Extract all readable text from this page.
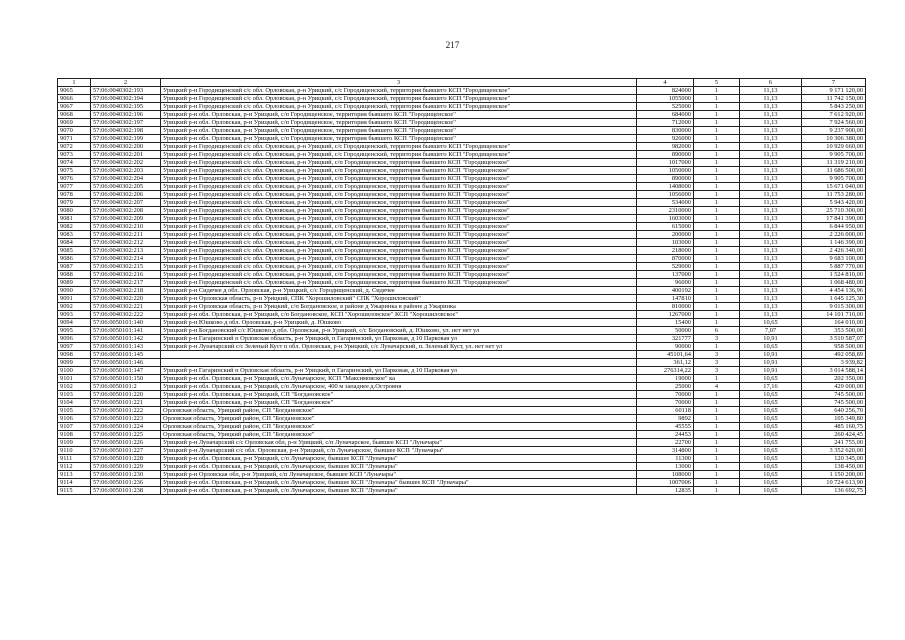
217
1	2	3	4	5	6	7
9065	57:06:0040302:193	Урицкий р-н Городищенский с/с обл. Орловская, р-н Урицкий, с/с Городищенский, территория бывшего КСП "Городищенское"	824000	1	11,13	9 171 120,00
9066	57:06:0040302:194	Урицкий р-н Городищенский с/с обл. Орловская, р-н Урицкий, с/с Городищенский, территория бывшего КСП "Городищенское"	1055000	1	11,13	11 742 150,00
9067	57:06:0040302:195	Урицкий р-н Городищенский с/с обл. Орловская, р-н Урицкий, с/с Городищенский, территория бывшего КСП "Городищенское"	525000	1	11,13	5 843 250,00
9068	57:06:0040302:196	Урицкий р-н обл. Орловская, р-н Урицкий, с/п Городищенское, территория бывшего КСП "Городищенское"	684000	1	11,13	7 612 920,00
9069	57:06:0040302:197	Урицкий р-н обл. Орловская, р-н Урицкий, с/п Городищенское, территория бывшего КСП "Городищенское"	712000	1	11,13	7 924 560,00
9070	57:06:0040302:198	Урицкий р-н обл. Орловская, р-н Урицкий, с/п Городищенское, территория бывшего КСП "Городищенское"	830000	1	11,13	9 237 900,00
9071	57:06:0040302:199	Урицкий р-н обл. Орловская, р-н Урицкий, с/п Городищенское, территория бывшего КСП "Городищенское"	926000	1	11,13	10 306 380,00
9072	57:06:0040302:200	Урицкий р-н Городищенский с/с обл. Орловская, р-н Урицкий, с/с Городищенский, территория бывшего КСП "Городищенское"	982000	1	11,13	10 929 660,00
9073	57:06:0040302:201	Урицкий р-н Городищенский с/с обл. Орловская, р-н Урицкий, с/с Городищенский, территория бывшего КСП "Городищенское"	890000	1	11,13	9 905 700,00
9074	57:06:0040302:202	Урицкий р-н Городищенский с/с обл. Орловская, р-н Урицкий, с/п Городищенское, территория бывшего КСП "Городищенское"	1017000	1	11,13	11 319 210,00
9075	57:06:0040302:203	Урицкий р-н Городищенский с/с обл. Орловская, р-н Урицкий, с/п Городищенское, территория бывшего КСП "Городищенское"	1050000	1	11,13	11 686 500,00
9076	57:06:0040302:204	Урицкий р-н Городищенский с/с обл. Орловская, р-н Урицкий, с/п Городищенское, территория бывшего КСП "Городищенское"	890000	1	11,13	9 905 700,00
9077	57:06:0040302:205	Урицкий р-н Городищенский с/с обл. Орловская, р-н Урицкий, с/п Городищенское, территория бывшего КСП "Городищенское"	1408000	1	11,13	15 671 040,00
9078	57:06:0040302:206	Урицкий р-н Городищенский с/с обл. Орловская, р-н Урицкий, с/п Городищенское, территория бывшего КСП "Городищенское"	1056000	1	11,13	11 753 280,00
9079	57:06:0040302:207	Урицкий р-н Городищенский с/с обл. Орловская, р-н Урицкий, с/п Городищенское, территория бывшего КСП "Городищенское"	534000	1	11,13	5 943 420,00
9080	57:06:0040302:208	Урицкий р-н Городищенский с/с обл. Орловская, р-н Урицкий, с/п Городищенское, территория бывшего КСП "Городищенское"	2310000	1	11,13	25 710 300,00
9081	57:06:0040302:209	Урицкий р-н Городищенский с/с обл. Орловская, р-н Урицкий, с/п Городищенское, территория бывшего КСП "Городищенское"	1603000	1	11,13	17 841 390,00
9082	57:06:0040302:210	Урицкий р-н Городищенский с/с обл. Орловская, р-н Урицкий, с/п Городищенское, территория бывшего КСП "Городищенское"	615000	1	11,13	6 844 950,00
9083	57:06:0040302:211	Урицкий р-н Городищенский с/с обл. Орловская, р-н Урицкий, с/п Городищенское, территория бывшего КСП "Городищенское"	200000	1	11,13	2 226 000,00
9084	57:06:0040302:212	Урицкий р-н Городищенский с/с обл. Орловская, р-н Урицкий, с/п Городищенское, территория бывшего КСП "Городищенское"	103000	1	11,13	1 146 390,00
9085	57:06:0040302:213	Урицкий р-н Городищенский с/с обл. Орловская, р-н Урицкий, с/п Городищенское, территория бывшего КСП "Городищенское"	218000	1	11,13	2 426 340,00
9086	57:06:0040302:214	Урицкий р-н Городищенский с/с обл. Орловская, р-н Урицкий, с/п Городищенское, территория бывшего КСП "Городищенское"	870000	1	11,13	9 683 100,00
9087	57:06:0040302:215	Урицкий р-н Городищенский с/с обл. Орловская, р-н Урицкий, с/п Городищенское, территория бывшего КСП "Городищенское"	529000	1	11,13	5 887 770,00
9088	57:06:0040302:216	Урицкий р-н Городищенский с/с обл. Орловская, р-н Урицкий, с/п Городищенское, территория бывшего КСП "Городищенское"	137000	1	11,13	1 524 810,00
9089	57:06:0040302:217	Урицкий р-н Городищенский с/с обл. Орловская, р-н Урицкий, с/п Городищенское, территория бывшего КСП "Городищенское"	96000	1	11,13	1 068 480,00
9090	57:06:0040302:218	Урицкий р-н Сидячее д обл. Орловская, р-н Урицкий, с/с Городищенский, д. Сидячее	400192	1	11,13	4 454 136,96
9091	57:06:0040302:220	Урицкий р-н Орловская область, р-н Урицкий, СПК "Хорошиловский" СПК "Хорошиловский"	147810	1	11,13	1 645 125,30
9092	57:06:0040302:221	Урицкий р-н Орловская область, р-н Урицкий, с/п Богдановское, в районе д Ужаринка в районе д Ужаринка	810000	1	11,13	9 015 300,00
9093	57:06:0040302:222	Урицкий р-н обл. Орловская, р-н Урицкий, с/п Богдановское, КСП "Хорошиловское" КСП "Хорошиловское"	1267000	1	11,13	14 101 710,00
9094	57:06:0050101:140	Урицкий р-н Юшково д обл. Орловская, р-н Урицкий, д. Юшково	15400	1	10,65	164 010,00
9095	57:06:0050101:141	Урицкий р-н Богдановский с/с Юшково д обл. Орловская, р-н Урицкий, с/с Богдановский, д. Юшково, ул. нет нет ул	50000	6	7,07	353 500,00
9096	57:06:0050101:142	Урицкий р-н Гагаринский п Орловская область, р-н Урицкий, п Гагаринский, ул Парковая, д 10 Парковая ул	321777	3	10,91	3 510 587,07
9097	57:06:0050101:143	Урицкий р-н Луначарский с/с Зеленый Куст п обл. Орловская, р-н Урицкий, с/с Луначарский, п. Зеленый Куст, ул. нет нет ул	90000	1	10,65	958 500,00
9098	57:06:0050101:145		45101,64	3	10,91	492 058,89
9099	57:06:0050101:146		361,12	3	10,91	3 939,82
9100	57:06:0050101:147	Урицкий р-н Гагаринский п Орловская область, р-н Урицкий, п Гагаринский, ул Парковая, д 10 Парковая ул	276314,22	3	10,91	3 014 588,14
9101	57:06:0050101:150	Урицкий р-н обл. Орловская, р-н Урицкий, с/п Луначарское, КСП "Максимовское" ка	19000	1	10,65	202 350,00
9102	57:06:0050101:2	Урицкий р-н обл. Орловская, р-н Урицкий, с/п Луначарское, 400 м западнее д.Островня	25000	4	17,16	429 000,00
9103	57:06:0050101:220	Урицкий р-н обл. Орловская, р-н Урицкий, СП "Богдановское"	70000	1	10,65	745 500,00
9104	57:06:0050101:221	Урицкий р-н обл. Орловская, р-н Урицкий, СП "Богдановское"	70000	1	10,65	745 500,00
9105	57:06:0050101:222	Орловская область, Урицкий район, СП "Богдановское"	60118	1	10,65	640 256,70
9106	57:06:0050101:223	Орловская область, Урицкий район, СП "Богдановское"	9892	1	10,65	105 349,80
9107	57:06:0050101:224	Орловская область, Урицкий район, СП "Богдановское"	45555	1	10,65	485 160,75
9108	57:06:0050101:225	Орловская область, Урицкий район, СП "Богдановское"	24453	1	10,65	260 424,45
9109	57:06:0050101:226	Урицкий р-н Луначарский с/с Орловская обл, р-н Урицкий, с/п Луначарское, бывшее КСП "Луначары"	22700	1	10,65	241 755,00
9110	57:06:0050101:227	Урицкий р-н Луначарский с/с обл. Орловская, р-н Урицкий, с/п Луначарское, бывшее КСП "Луначары"	314800	1	10,65	3 352 620,00
9111	57:06:0050101:228	Урицкий р-н обл. Орловская, р-н Урицкий, с/п Луначарское, бывшее КСП "Луначары"	11300	1	10,65	120 345,00
9112	57:06:0050101:229	Урицкий р-н обл. Орловская, р-н Урицкий, с/п Луначарское, бывшее КСП "Луначары"	13000	1	10,65	138 450,00
9113	57:06:0050101:230	Урицкий р-н Орловская обл, р-н Урицкий, с/п Луначарское, бывшее КСП "Луначары"	108000	1	10,65	1 150 200,00
9114	57:06:0050101:236	Урицкий р-н обл. Орловская, р-н Урицкий, с/п Луначарское, бывшее КСП "Луначары" бывшее КСП "Луначары"	1007006	1	10,65	10 724 613,90
9115	57:06:0050101:238	Урицкий р-н обл. Орловская, р-н Урицкий, с/п Луначарское, бывшее КСП "Луначары"	12835	1	10,65	136 692,75
